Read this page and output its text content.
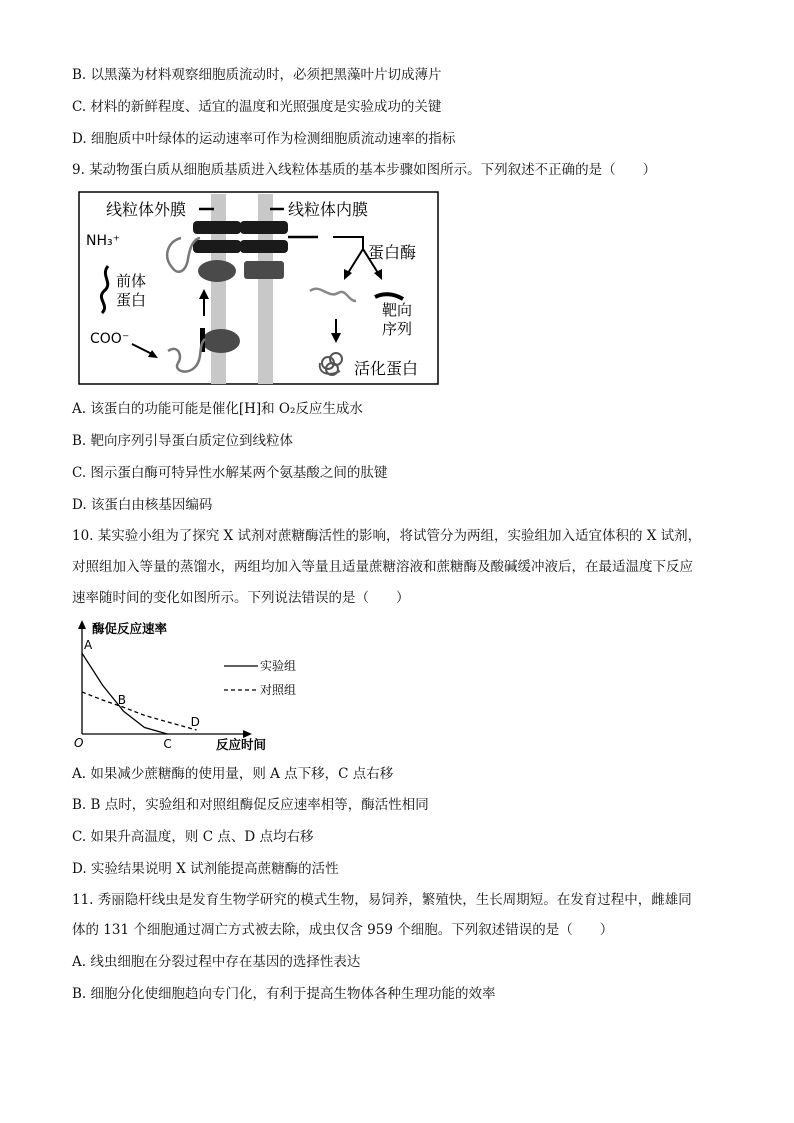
B. 以黑藻为材料观察细胞质流动时，必须把黑藻叶片切成薄片
C. 材料的新鲜程度、适宜的温度和光照强度是实验成功的关键
D. 细胞质中叶绿体的运动速率可作为检测细胞质流动速率的指标
9. 某动物蛋白质从细胞质基质进入线粒体基质的基本步骤如图所示。下列叙述不正确的是（　　）
线粒体外膜	线粒体内膜
NH₃⁺
前体
蛋白
COO⁻
蛋白酶
靶向
序列
活化蛋白
A. 该蛋白的功能可能是催化[H]和 O₂反应生成水
B. 靶向序列引导蛋白质定位到线粒体
C. 图示蛋白酶可特异性水解某两个氨基酸之间的肽键
D. 该蛋白由核基因编码
10. 某实验小组为了探究 X 试剂对蔗糖酶活性的影响，将试管分为两组，实验组加入适宜体积的 X 试剂，
对照组加入等量的蒸馏水，两组均加入等量且适量蔗糖溶液和蔗糖酶及酸碱缓冲液后，在最适温度下反应
速率随时间的变化如图所示。下列说法错误的是（　　）
酶促反应速率
反应时间
O
A
B
C
D
实验组
对照组
A. 如果减少蔗糖酶的使用量，则 A 点下移，C 点右移
B. B 点时，实验组和对照组酶促反应速率相等，酶活性相同
C. 如果升高温度，则 C 点、D 点均右移
D. 实验结果说明 X 试剂能提高蔗糖酶的活性
11. 秀丽隐杆线虫是发育生物学研究的模式生物，易饲养，繁殖快，生长周期短。在发育过程中，雌雄同
体的 131 个细胞通过凋亡方式被去除，成虫仅含 959 个细胞。下列叙述错误的是（　　）
A. 线虫细胞在分裂过程中存在基因的选择性表达
B. 细胞分化使细胞趋向专门化，有利于提高生物体各种生理功能的效率
